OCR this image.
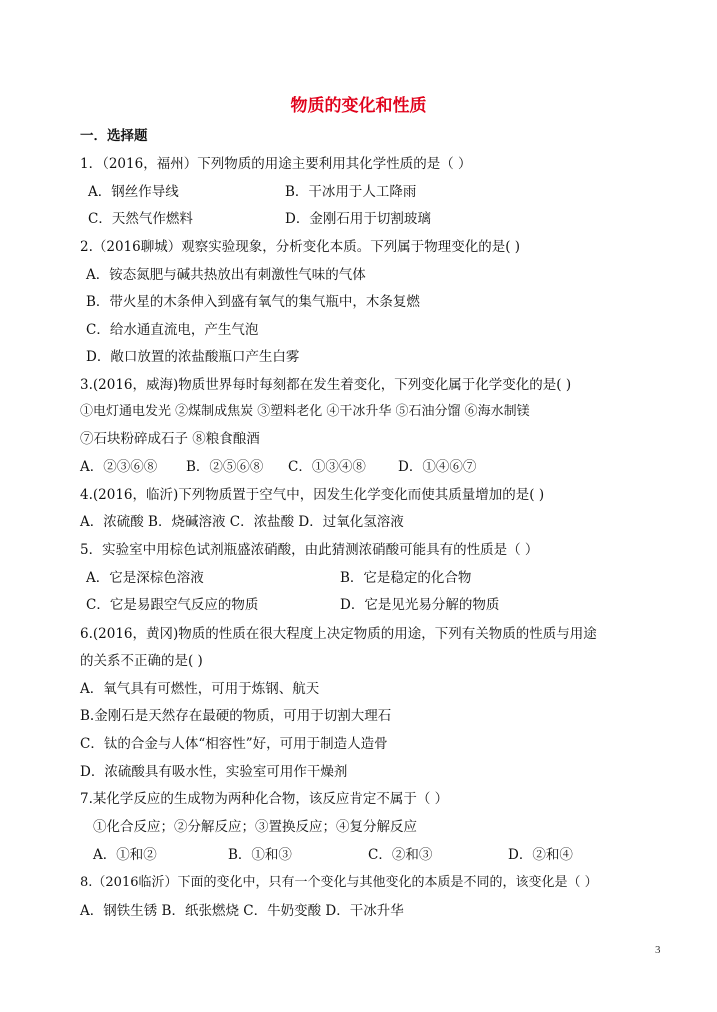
物质的变化和性质
一．选择题
1．（2016，福州）下列物质的用途主要利用其化学性质的是（ ）
A．钢丝作导线	B．干冰用于人工降雨
C．天然气作燃料	D．金刚石用于切割玻璃
2.（2016聊城）观察实验现象，分析变化本质。下列属于物理变化的是( )
A．铵态氮肥与碱共热放出有刺激性气味的气体
B．带火星的木条伸入到盛有氧气的集气瓶中，木条复燃
C．给水通直流电，产生气泡
D．敞口放置的浓盐酸瓶口产生白雾
3.(2016，威海)物质世界每时每刻都在发生着变化，下列变化属于化学变化的是( )
①电灯通电发光 ②煤制成焦炭 ③塑料老化 ④干冰升华 ⑤石油分馏 ⑥海水制镁
⑦石块粉碎成石子 ⑧粮食酿酒
A．②③⑥⑧ B．②⑤⑥⑧ C．①③④⑧ D．①④⑥⑦
4.(2016，临沂)下列物质置于空气中，因发生化学变化而使其质量增加的是( )
A．浓硫酸 B．烧碱溶液 C．浓盐酸 D．过氧化氢溶液
5．实验室中用棕色试剂瓶盛浓硝酸，由此猜测浓硝酸可能具有的性质是（ ）
A．它是深棕色溶液	B．它是稳定的化合物
C．它是易跟空气反应的物质	D．它是见光易分解的物质
6.(2016，黄冈)物质的性质在很大程度上决定物质的用途，下列有关物质的性质与用途
的关系不正确的是( )
A．氧气具有可燃性，可用于炼钢、航天
B.金刚石是天然存在最硬的物质，可用于切割大理石
C．钛的合金与人体“相容性”好，可用于制造人造骨
D．浓硫酸具有吸水性，实验室可用作干燥剂
7.某化学反应的生成物为两种化合物，该反应肯定不属于（ ）
①化合反应；②分解反应；③置换反应；④复分解反应
A．①和②	B．①和③	C．②和③	D．②和④
8.（2016临沂）下面的变化中，只有一个变化与其他变化的本质是不同的，该变化是（ ）
A．钢铁生锈 B．纸张燃烧 C．牛奶变酸 D．干冰升华
3
